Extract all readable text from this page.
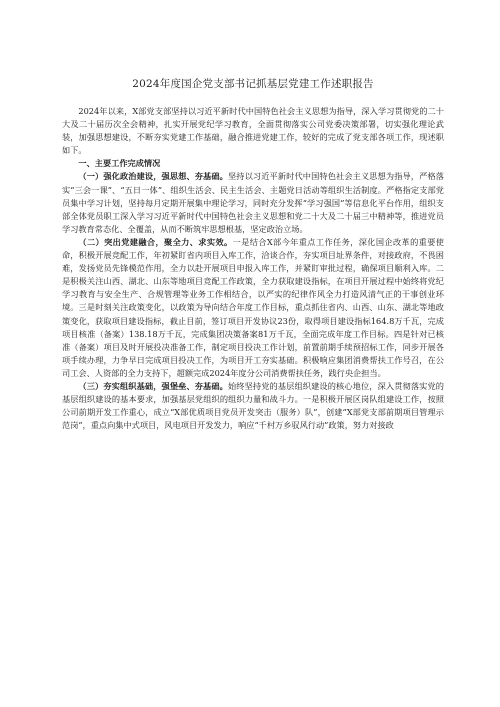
2024年度国企党支部书记抓基层党建工作述职报告

2024年以来，X部党支部坚持以习近平新时代中国特色社会主义思想为指导，深入学习贯彻党的二十大及二十届历次全会精神，扎实开展党纪学习教育，全面贯彻落实公司党委决策部署，切实强化理论武装，加强思想建设，不断夯实党建工作基础，融合推进党建工作，较好的完成了党支部各项工作，现述职如下。

一、主要工作完成情况

（一）强化政治建设，强思想、夯基础。坚持以习近平新时代中国特色社会主义思想为指导，严格落实“三会一课”、“五日一体”、组织生活会、民主生活会、主题党日活动等组织生活制度。严格指定支部党员集中学习计划，坚持每月定期开展集中理论学习，同时充分发挥“学习强国”等信息化平台作用，组织支部全体党员职工深入学习习近平新时代中国特色社会主义思想和党二十大及二十届三中精神等，推进党员学习教育常态化、全覆盖，从而不断筑牢思想根基，坚定政治立场。

（二）突出党建融合，聚全力、求实效。一是结合X部今年重点工作任务，深化国企改革的重要使命，积极开展竞配工作，年初紧盯省内项目入库工作，洽谈合作，夯实项目址界条件，对接政府，不畏困难，发扬党员先锋模范作用，全力以赴开展项目申报入库工作，并紧盯审批过程，确保项目顺利入库。二是积极关注山西、湖北、山东等地项目竞配工作政策，全力获取建设指标，在项目开展过程中始终将党纪学习教育与安全生产、合规管理等业务工作相结合，以严实的纪律作风全力打造风清气正的干事创业环境。三是时刻关注政策变化，以政策为导向结合年度工作目标，重点抓住省内、山西、山东、湖北等地政策变化，获取项目建设指标，截止目前，签订项目开发协议23份，取得项目建设指标164.8万千瓦，完成项目核准（备案）138.18万千瓦，完成集团决策备案81万千瓦，全面完成年度工作目标。四是针对已核准（备案）项目及时开展投决准备工作，制定项目投决工作计划，前置前期手续预招标工作，同步开展各项手续办理，力争早日完成项目投决工作，为项目开工夯实基础。积极响应集团消费帮扶工作号召，在公司工会、人资部的全力支持下，超额完成2024年度分公司消费帮扶任务，践行央企担当。

（三）夯实组织基础，强堡垒、夯基础。始终坚持党的基层组织建设的核心地位，深入贯彻落实党的基层组织建设的基本要求，加强基层党组织的组织力量和战斗力。一是积极开展区岗队组建设工作，按照公司前期开发工作重心，成立“X部优质项目党员开发突击（服务）队”，创建“X部党支部前期项目管理示范岗”，重点向集中式项目，风电项目开发发力，响应“千村万乡驭风行动”政策，努力对接政
